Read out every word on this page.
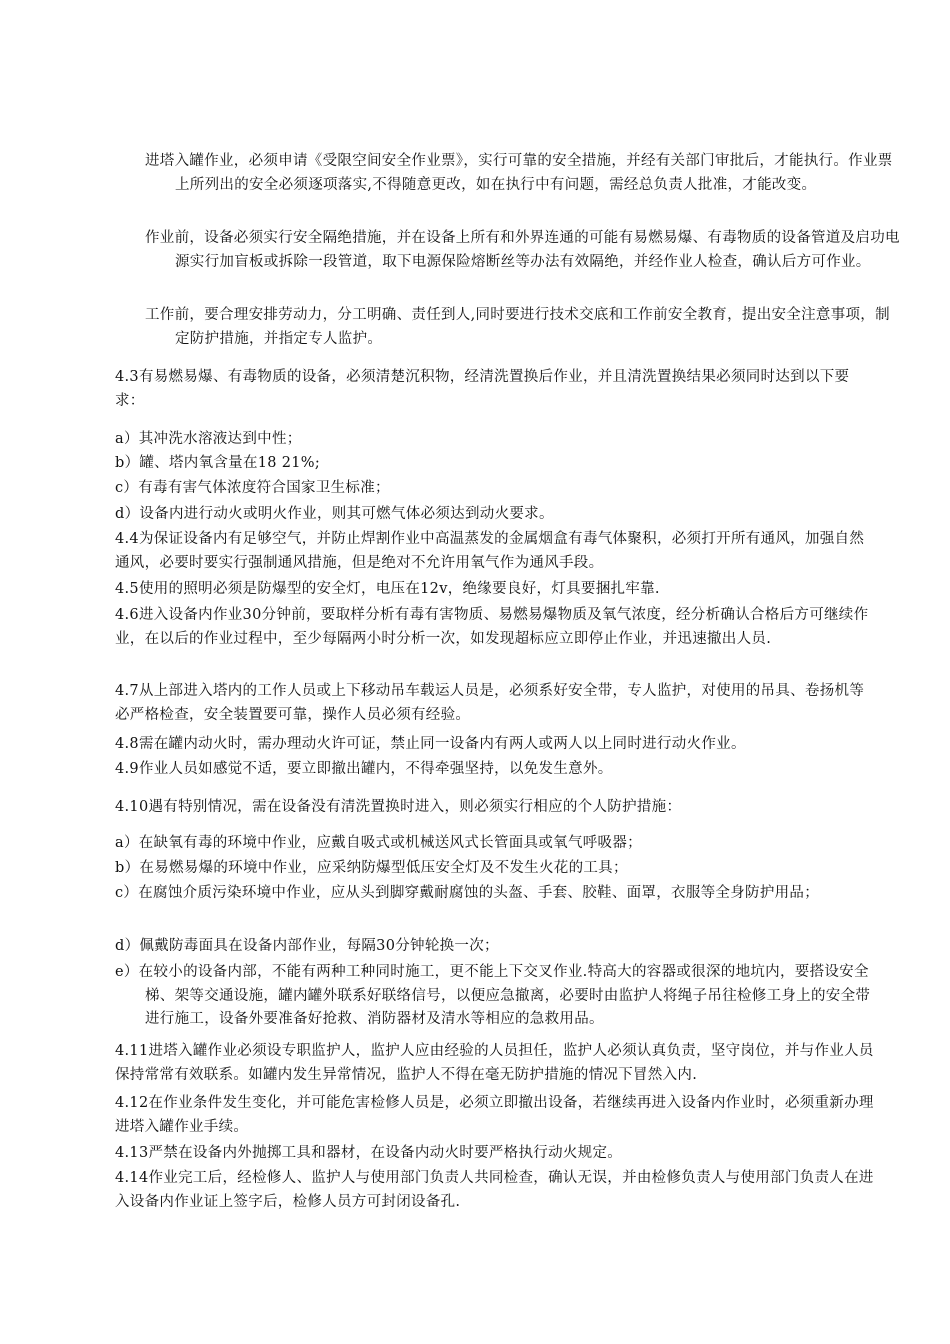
进塔入罐作业，必须申请《受限空间安全作业票》，实行可靠的安全措施，并经有关部门审批后，才能执行。作业票上所列出的安全必须逐项落实,不得随意更改，如在执行中有问题，需经总负责人批准，才能改变。

作业前，设备必须实行安全隔绝措施，并在设备上所有和外界连通的可能有易燃易爆、有毒物质的设备管道及启功电源实行加盲板或拆除一段管道，取下电源保险熔断丝等办法有效隔绝，并经作业人检查，确认后方可作业。

工作前，要合理安排劳动力，分工明确、责任到人,同时要进行技术交底和工作前安全教育，提出安全注意事项，制定防护措施，并指定专人监护。

4.3有易燃易爆、有毒物质的设备，必须清楚沉积物，经清洗置换后作业，并且清洗置换结果必须同时达到以下要求：

a）其冲洗水溶液达到中性；

b）罐、塔内氧含量在18 21%;

c）有毒有害气体浓度符合国家卫生标准；

d）设备内进行动火或明火作业，则其可燃气体必须达到动火要求。

4.4为保证设备内有足够空气，并防止焊割作业中高温蒸发的金属烟盒有毒气体聚积，必须打开所有通风，加强自然通风，必要时要实行强制通风措施，但是绝对不允许用氧气作为通风手段。

4.5使用的照明必须是防爆型的安全灯，电压在12v，绝缘要良好，灯具要捆扎牢靠.

4.6进入设备内作业30分钟前，要取样分析有毒有害物质、易燃易爆物质及氧气浓度，经分析确认合格后方可继续作业，在以后的作业过程中，至少每隔两小时分析一次，如发现超标应立即停止作业，并迅速撤出人员.

4.7从上部进入塔内的工作人员或上下移动吊车载运人员是，必须系好安全带，专人监护，对使用的吊具、卷扬机等必严格检查，安全装置要可靠，操作人员必须有经验。

4.8需在罐内动火时，需办理动火许可证，禁止同一设备内有两人或两人以上同时进行动火作业。

4.9作业人员如感觉不适，要立即撤出罐内，不得牵强坚持，以免发生意外。

4.10遇有特别情况，需在设备没有清洗置换时进入，则必须实行相应的个人防护措施：

a）在缺氧有毒的环境中作业，应戴自吸式或机械送风式长管面具或氧气呼吸器；

b）在易燃易爆的环境中作业，应采纳防爆型低压安全灯及不发生火花的工具；

c）在腐蚀介质污染环境中作业，应从头到脚穿戴耐腐蚀的头盔、手套、胶鞋、面罩，衣服等全身防护用品；

d）佩戴防毒面具在设备内部作业，每隔30分钟轮换一次；

e）在较小的设备内部，不能有两种工种同时施工，更不能上下交叉作业.特高大的容器或很深的地坑内，要搭设安全梯、架等交通设施，罐内罐外联系好联络信号，以便应急撤离，必要时由监护人将绳子吊往检修工身上的安全带进行施工，设备外要准备好抢救、消防器材及清水等相应的急救用品。

4.11进塔入罐作业必须设专职监护人，监护人应由经验的人员担任，监护人必须认真负责，坚守岗位，并与作业人员保持常常有效联系。如罐内发生异常情况，监护人不得在毫无防护措施的情况下冒然入内.

4.12在作业条件发生变化，并可能危害检修人员是，必须立即撤出设备，若继续再进入设备内作业时，必须重新办理进塔入罐作业手续。

4.13严禁在设备内外抛掷工具和器材，在设备内动火时要严格执行动火规定。

4.14作业完工后，经检修人、监护人与使用部门负责人共同检查，确认无误，并由检修负责人与使用部门负责人在进入设备内作业证上签字后，检修人员方可封闭设备孔.
